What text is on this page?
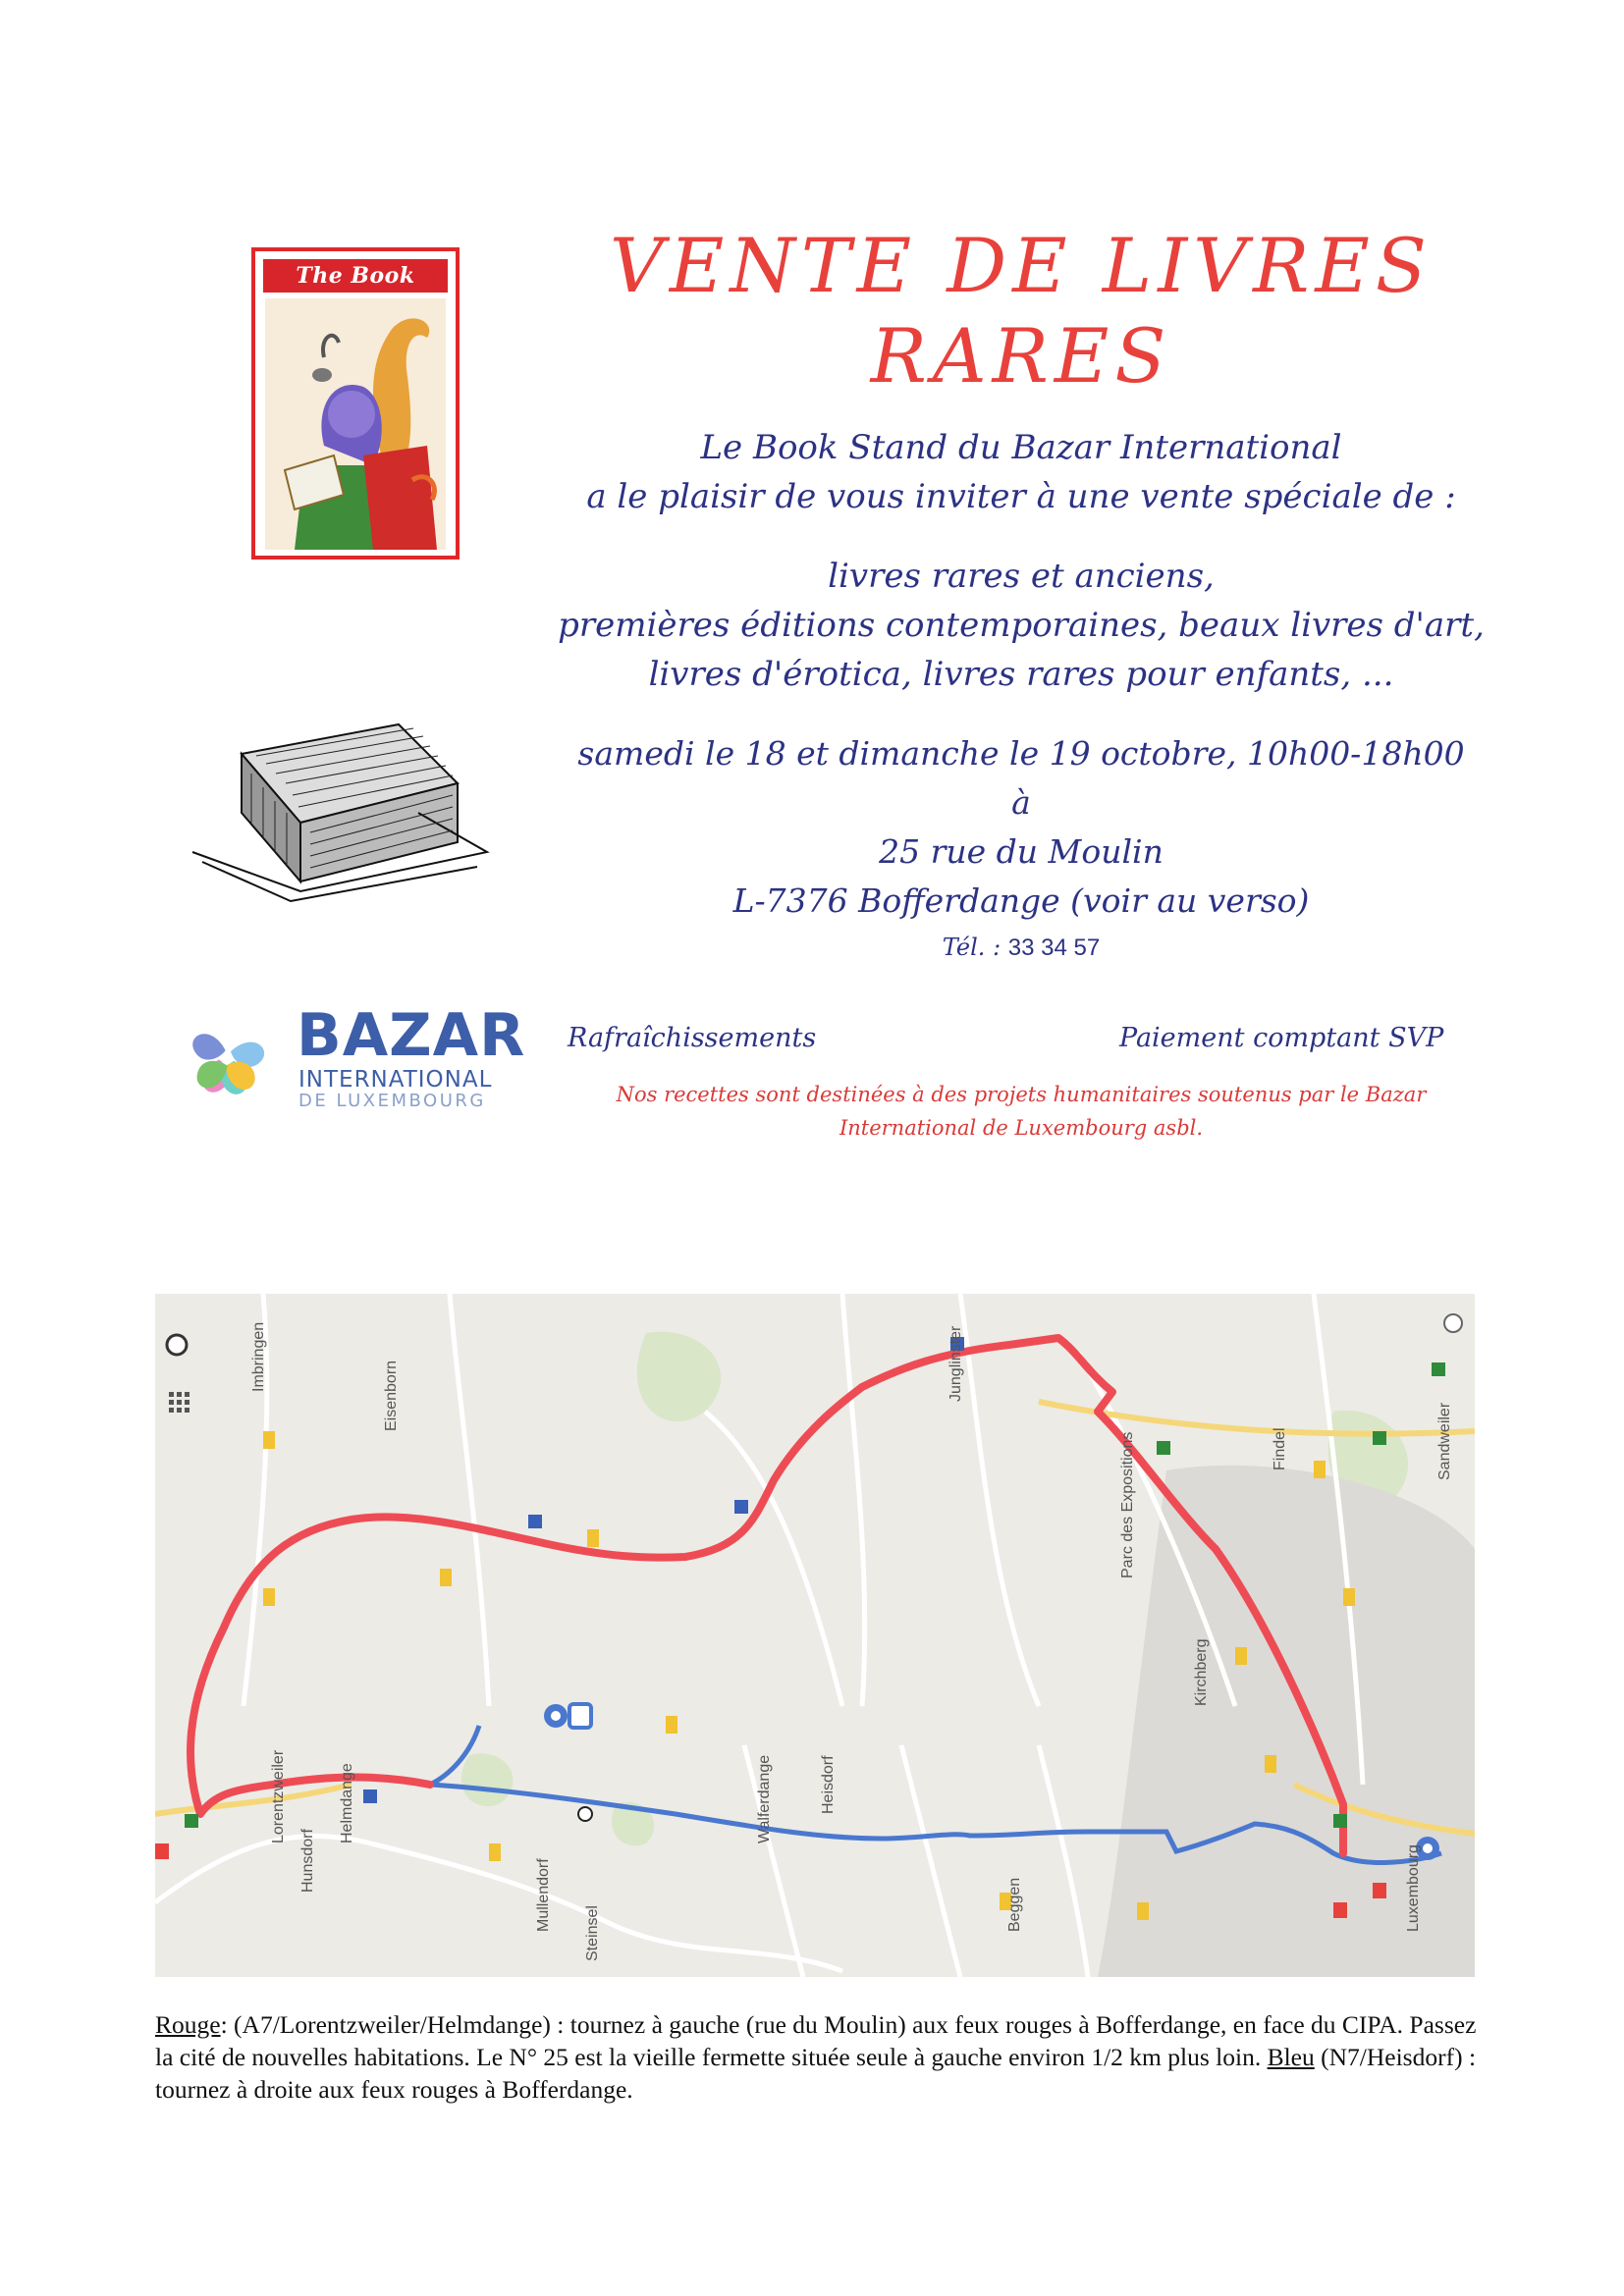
The Book	VENTE DE LIVRES
RARES
Le Book Stand du Bazar International
a le plaisir de vous inviter à une vente spéciale de :
livres rares et anciens,
premières éditions contemporaines, beaux livres d'art,
livres d'érotica, livres rares pour enfants, ...
samedi le 18 et dimanche le 19 octobre, 10h00-18h00
à
25 rue du Moulin
L-7376 Bofferdange (voir au verso)
Tél. : 33 34 57
BAZAR
INTERNATIONAL
DE LUXEMBOURG
Rafraîchissements	Paiement comptant SVP
Nos recettes sont destinées à des projets humanitaires soutenus par le Bazar
International de Luxembourg asbl.
Lorentzweiler	Helmdange
Hunsdorf
Imbringen
Eisenborn
Walferdange	Heisdorf
Parc des Expositions
Luxembourg
Sandweiler
Findel
Steinsel
Mullendorf	Beggen
Kirchberg
Junglinster
Rouge: (A7/Lorentzweiler/Helmdange) : tournez à gauche (rue du Moulin) aux feux rouges à Bofferdange, en face du CIPA. Passez la cité de nouvelles habitations. Le N° 25 est la vieille fermette située seule à gauche environ 1/2 km plus loin. Bleu (N7/Heisdorf) : tournez à droite aux feux rouges à Bofferdange.
